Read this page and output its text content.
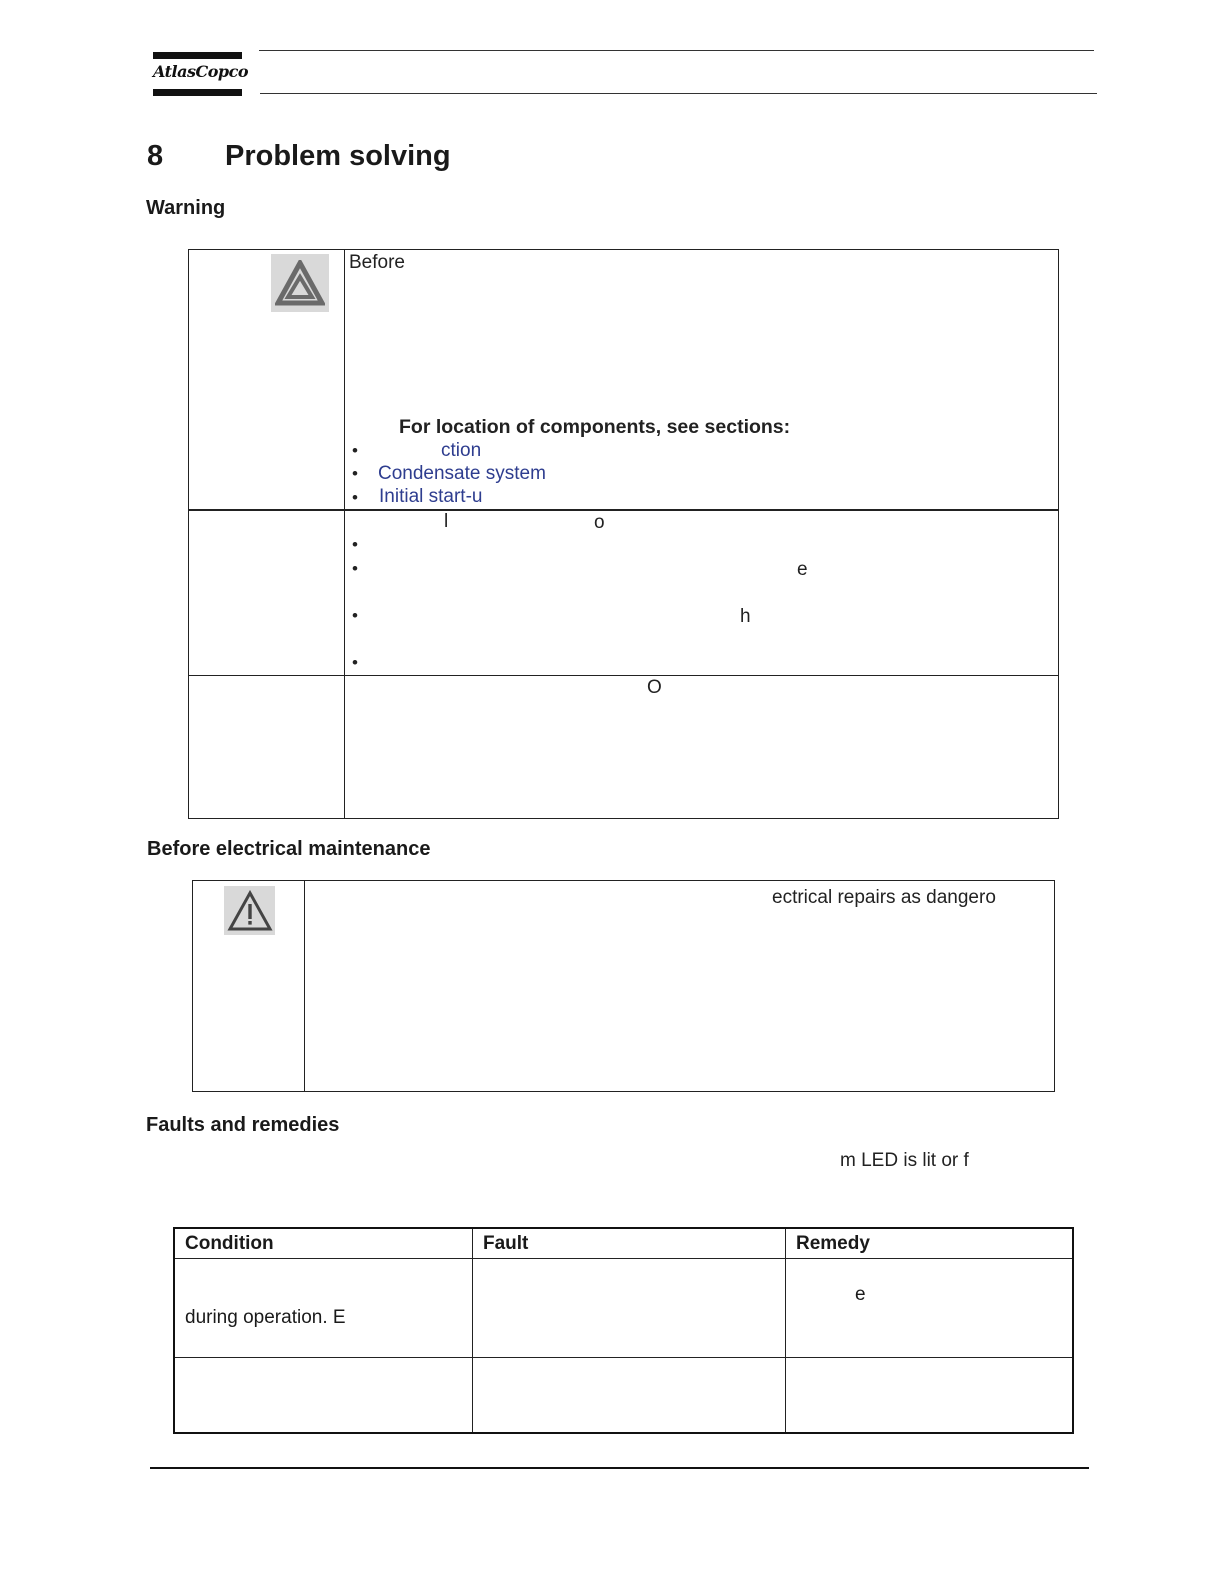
AtlasCopco
8 Problem solving
Warning
Before
For location of components, see sections:
•	ction
• Condensate system
• Initial start-u
l	o
•
•	e
•	h
•
O
Before electrical maintenance
ectrical repairs as dangero
Faults and remedies
m LED is lit or f
Condition	Fault	Remedy

during operation. E		e
